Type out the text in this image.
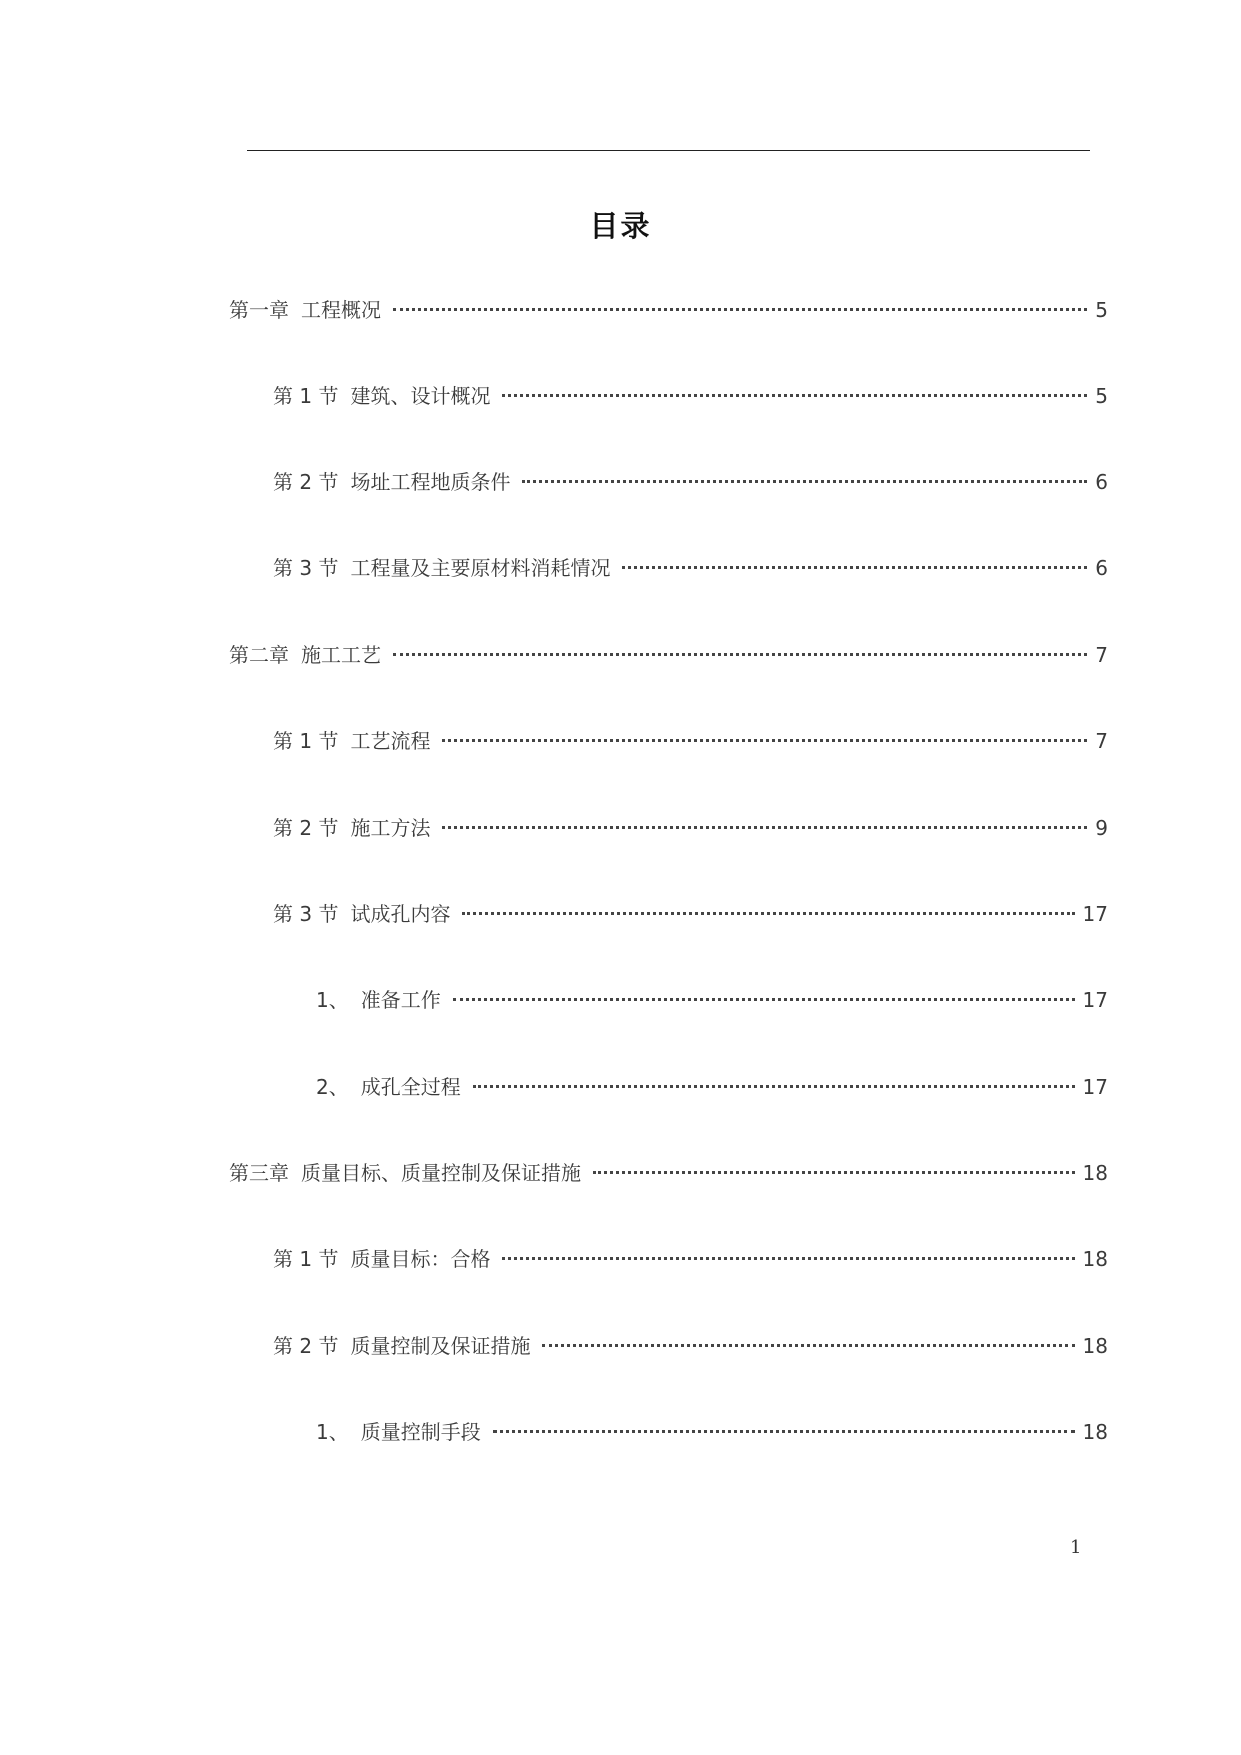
目录
第一章 工程概况	5
第 1 节 建筑、设计概况	5
第 2 节 场址工程地质条件	6
第 3 节 工程量及主要原材料消耗情况	6
第二章 施工工艺	7
第 1 节 工艺流程	7
第 2 节 施工方法	9
第 3 节 试成孔内容	17
1、 准备工作	17
2、 成孔全过程	17
第三章 质量目标、质量控制及保证措施	18
第 1 节 质量目标：合格	18
第 2 节 质量控制及保证措施	18
1、 质量控制手段	18
1
